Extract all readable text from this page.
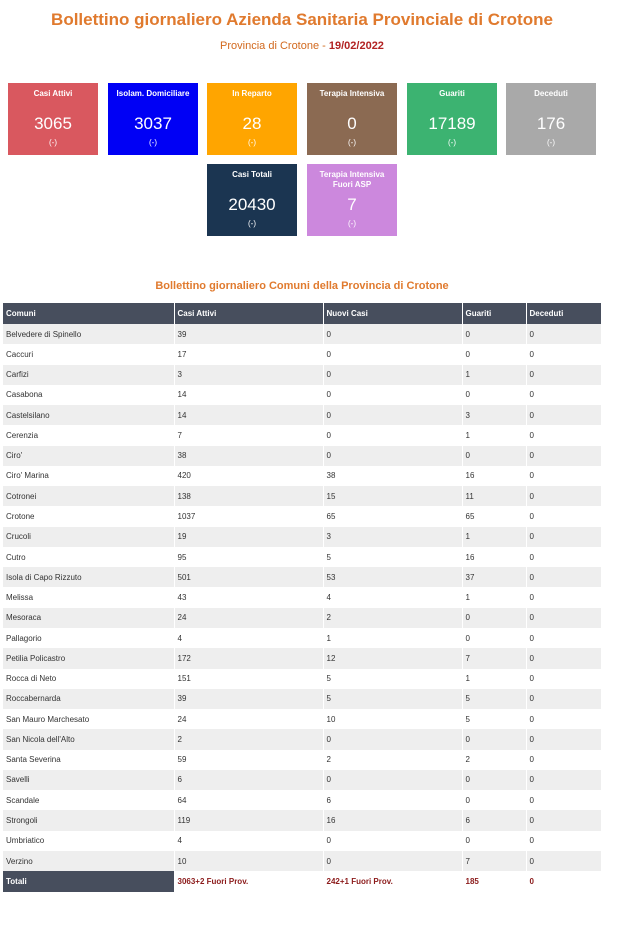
Bollettino giornaliero Azienda Sanitaria Provinciale di Crotone
Provincia di Crotone - 19/02/2022
Casi Attivi
3065
(-)
Isolam. Domiciliare
3037
(-)
In Reparto
28
(-)
Terapia Intensiva
0
(-)
Guariti
17189
(-)
Deceduti
176
(-)
Casi Totali
20430
(-)
Terapia Intensiva Fuori ASP
7
(-)
Bollettino giornaliero Comuni della Provincia di Crotone
Comuni	Casi Attivi	Nuovi Casi	Guariti	Deceduti
Belvedere di Spinello	39	0	0	0
Caccuri	17	0	0	0
Carfizi	3	0	1	0
Casabona	14	0	0	0
Castelsilano	14	0	3	0
Cerenzia	7	0	1	0
Ciro'	38	0	0	0
Ciro' Marina	420	38	16	0
Cotronei	138	15	11	0
Crotone	1037	65	65	0
Crucoli	19	3	1	0
Cutro	95	5	16	0
Isola di Capo Rizzuto	501	53	37	0
Melissa	43	4	1	0
Mesoraca	24	2	0	0
Pallagorio	4	1	0	0
Petilia Policastro	172	12	7	0
Rocca di Neto	151	5	1	0
Roccabernarda	39	5	5	0
San Mauro Marchesato	24	10	5	0
San Nicola dell'Alto	2	0	0	0
Santa Severina	59	2	2	0
Savelli	6	0	0	0
Scandale	64	6	0	0
Strongoli	119	16	6	0
Umbriatico	4	0	0	0
Verzino	10	0	7	0
Totali	3063+2 Fuori Prov.	242+1 Fuori Prov.	185	0
